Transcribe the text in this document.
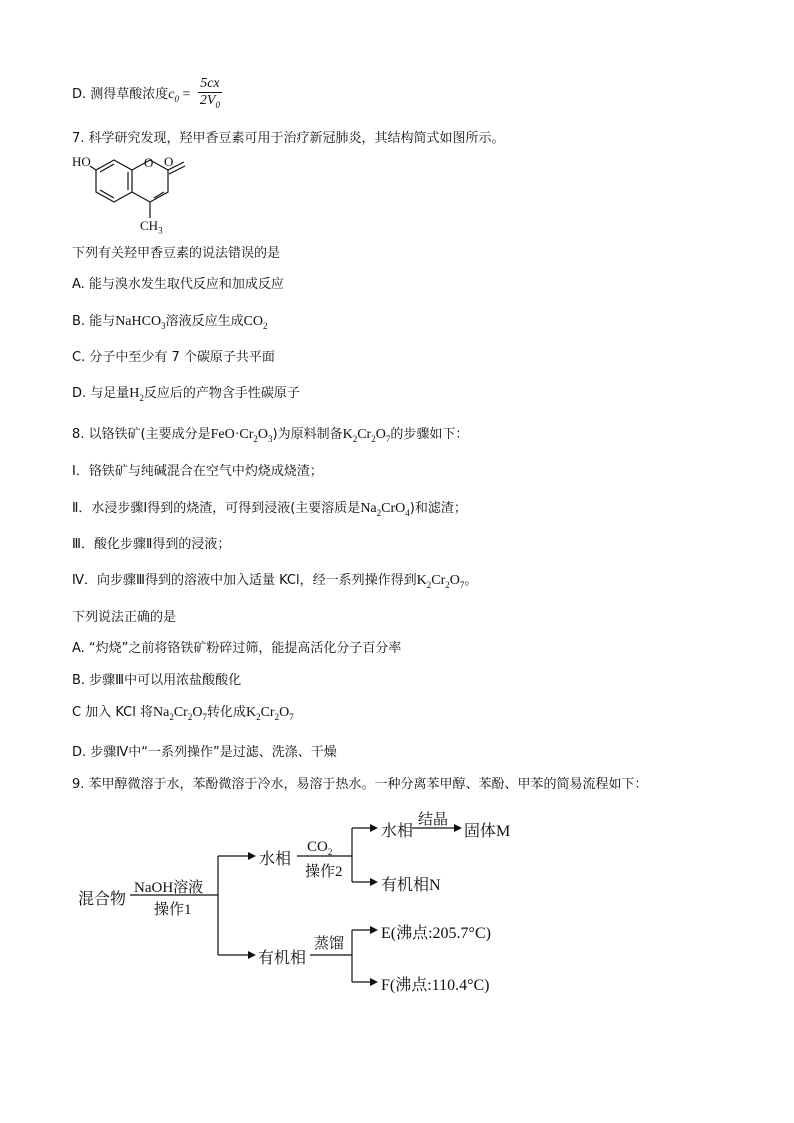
D. 测得草酸浓度$c_0 = \frac{5cx}{2V_0}$
7. 科学研究发现，羟甲香豆素可用于治疗新冠肺炎，其结构简式如图所示。
HO	O O
$CH_3$
下列有关羟甲香豆素的说法错误的是
A. 能与溴水发生取代反应和加成反应
B. 能与NaHCO$_3$溶液反应生成$CO_2$
C. 分子中至少有 7 个碳原子共平面
D. 与足量$H_2$反应后的产物含手性碳原子
8. 以铬铁矿(主要成分是$FeO\cdot Cr_2O_3$)为原料制备$K_2Cr_2O_7$的步骤如下：
Ⅰ．铬铁矿与纯碱混合在空气中灼烧成烧渣；
Ⅱ．水浸步骤Ⅰ得到的烧渣，可得到浸液(主要溶质是$Na_2CrO_4$)和滤渣；
Ⅲ．酸化步骤Ⅱ得到的浸液；
Ⅳ．向步骤Ⅲ得到的溶液中加入适量 KCl，经一系列操作得到$K_2Cr_2O_7$。
下列说法正确的是
A. “灼烧”之前将铬铁矿粉碎过筛，能提高活化分子百分率
B. 步骤Ⅲ中可以用浓盐酸酸化
C 加入 KCl 将$Na_2Cr_2O_7$转化成$K_2Cr_2O_7$
D. 步骤Ⅳ中“一系列操作”是过滤、洗涤、干燥
9. 苯甲醇微溶于水，苯酚微溶于冷水，易溶于热水。一种分离苯甲醇、苯酚、甲苯的简易流程如下：
混合物
NaOH溶液
操作1
水相
$CO_2$
操作2
水相
结晶
固体M
有机相N
有机相
蒸馏
E(沸点:205.7°C)
F(沸点:110.4°C)
